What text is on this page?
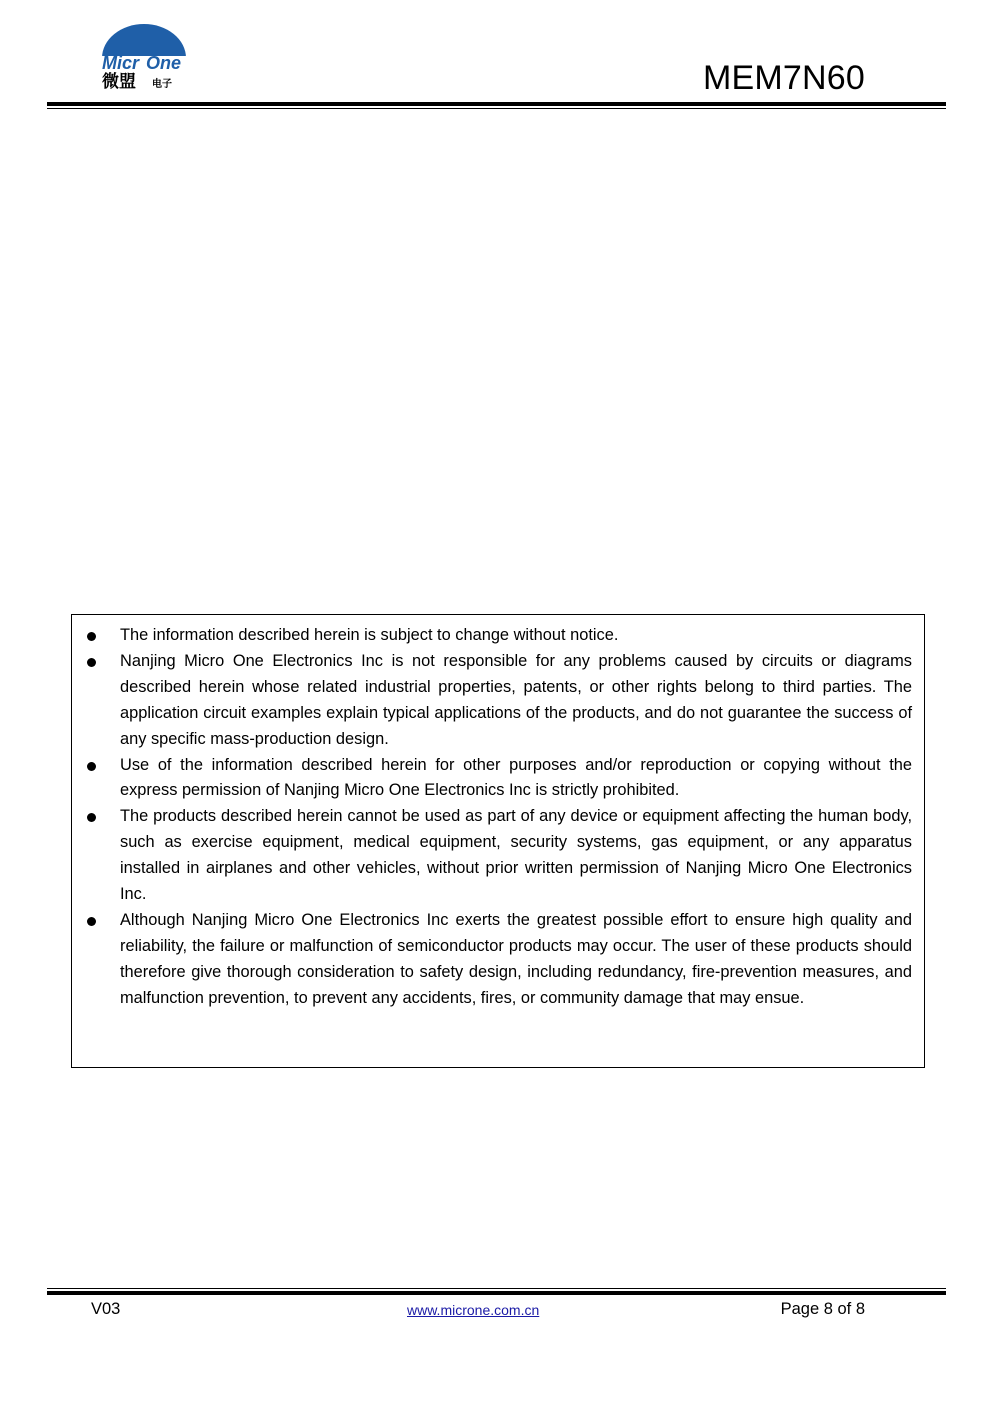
Micr One
微盟 电子	MEM7N60
The information described herein is subject to change without notice.
Nanjing Micro One Electronics Inc is not responsible for any problems caused by circuits or diagrams described herein whose related industrial properties, patents, or other rights belong to third parties. The application circuit examples explain typical applications of the products, and do not guarantee the success of any specific mass-production design.
Use of the information described herein for other purposes and/or reproduction or copying without the express permission of Nanjing Micro One Electronics Inc is strictly prohibited.
The products described herein cannot be used as part of any device or equipment affecting the human body, such as exercise equipment, medical equipment, security systems, gas equipment, or any apparatus installed in airplanes and other vehicles, without prior written permission of Nanjing Micro One Electronics Inc.
Although Nanjing Micro One Electronics Inc exerts the greatest possible effort to ensure high quality and reliability, the failure or malfunction of semiconductor products may occur. The user of these products should therefore give thorough consideration to safety design, including redundancy, fire-prevention measures, and malfunction prevention, to prevent any accidents, fires, or community damage that may ensue.
V03	www.microne.com.cn	Page 8 of 8
